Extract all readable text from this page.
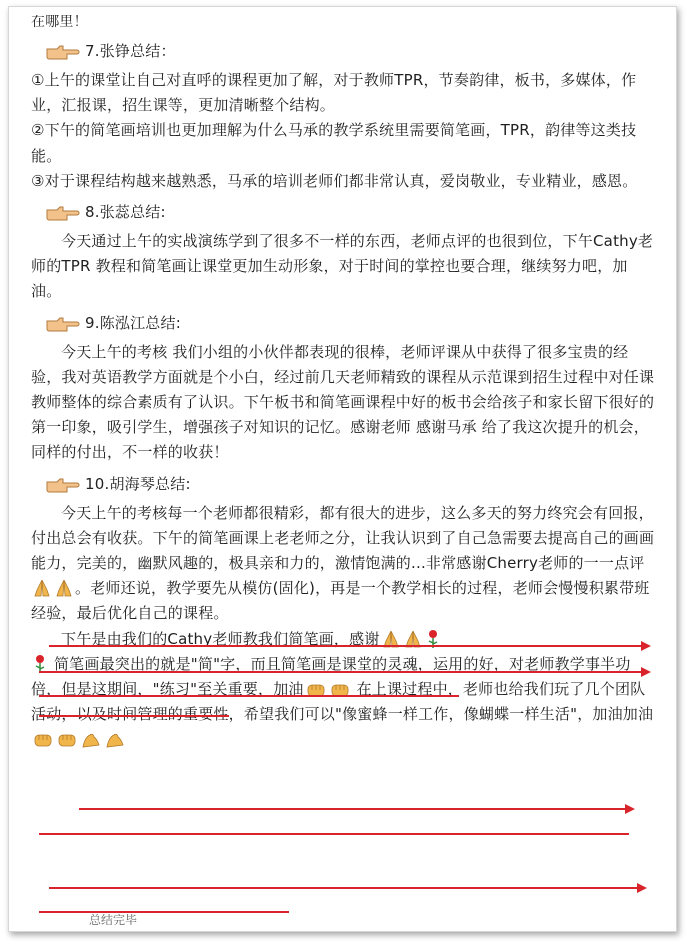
在哪里！
7.张铮总结：

①上午的课堂让自己对直呼的课程更加了解，对于教师TPR，节奏韵律，板书，多媒体，作业，汇报课，招生课等，更加清晰整个结构。

②下午的简笔画培训也更加理解为什么马承的教学系统里需要简笔画，TPR，韵律等这类技能。

③对于课程结构越来越熟悉，马承的培训老师们都非常认真，爱岗敬业，专业精业，感恩。

8.张蕊总结:

今天通过上午的实战演练学到了很多不一样的东西，老师点评的也很到位，下午Cathy老师的TPR 教程和简笔画让课堂更加生动形象，对于时间的掌控也要合理，继续努力吧，加油。

9.陈泓江总结:

今天上午的考核 我们小组的小伙伴都表现的很棒，老师评课从中获得了很多宝贵的经验，我对英语教学方面就是个小白，经过前几天老师精致的课程从示范课到招生过程中对任课教师整体的综合素质有了认识。下午板书和简笔画课程中好的板书会给孩子和家长留下很好的第一印象，吸引学生，增强孩子对知识的记忆。感谢老师 感谢马承 给了我这次提升的机会，同样的付出，不一样的收获！

10.胡海琴总结:

今天上午的考核每一个老师都很精彩，都有很大的进步，这么多天的努力终究会有回报，付出总会有收获。下午的简笔画课上老老师之分，让我认识到了自己急需要去提高自己的画画能力，完美的，幽默风趣的，极具亲和力的，激情饱满的...非常感谢Cherry老师的一一点评。老师还说，教学要先从模仿(固化)，再是一个教学相长的过程，老师会慢慢积累带班经验，最后优化自己的课程。

下午是由我们的Cathy老师教我们简笔画，感谢

简笔画最突出的就是"简"字，而且简笔画是课堂的灵魂，运用的好，对老师教学事半功倍，但是这期间，"练习"至关重要，加油	在上课过程中，老师也给我们玩了几个团队活动，以及时间管理的重要性，希望我们可以"像蜜蜂一样工作，像蝴蝶一样生活"，加油加油

总结完毕
